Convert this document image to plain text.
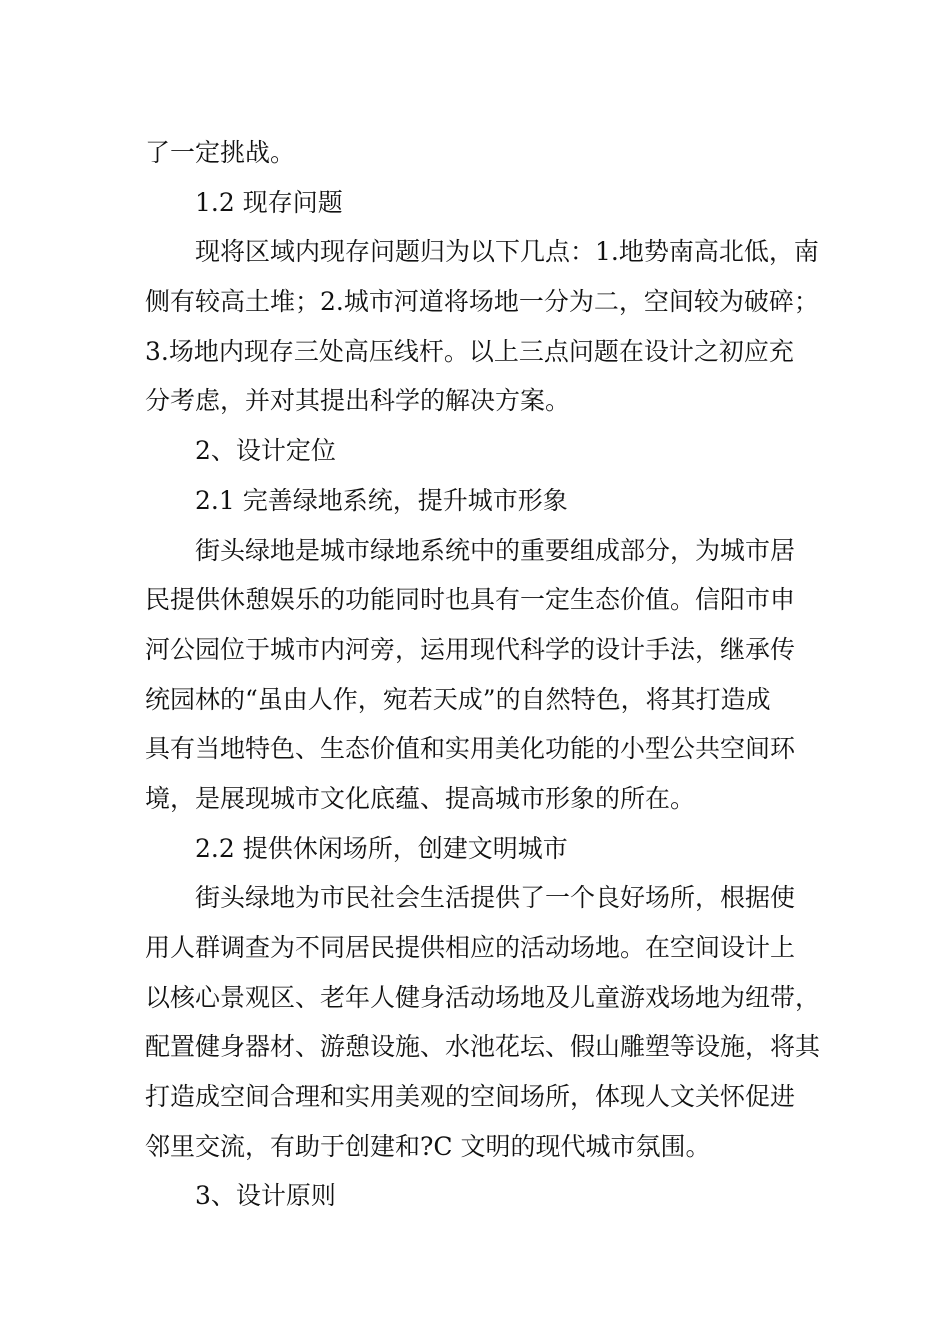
了一定挑战。
1.2 现存问题
现将区域内现存问题归为以下几点：1.地势南高北低，南
侧有较高土堆；2.城市河道将场地一分为二，空间较为破碎；
3.场地内现存三处高压线杆。以上三点问题在设计之初应充
分考虑，并对其提出科学的解决方案。
2、设计定位
2.1 完善绿地系统，提升城市形象
街头绿地是城市绿地系统中的重要组成部分，为城市居
民提供休憩娱乐的功能同时也具有一定生态价值。信阳市申
河公园位于城市内河旁，运用现代科学的设计手法，继承传
统园林的“虽由人作，宛若天成”的自然特色，将其打造成
具有当地特色、生态价值和实用美化功能的小型公共空间环
境，是展现城市文化底蕴、提高城市形象的所在。
2.2 提供休闲场所，创建文明城市
街头绿地为市民社会生活提供了一个良好场所，根据使
用人群调查为不同居民提供相应的活动场地。在空间设计上
以核心景观区、老年人健身活动场地及儿童游戏场地为纽带，
配置健身器材、游憩设施、水池花坛、假山雕塑等设施，将其
打造成空间合理和实用美观的空间场所，体现人文关怀促进
邻里交流，有助于创建和?C 文明的现代城市氛围。
3、设计原则
